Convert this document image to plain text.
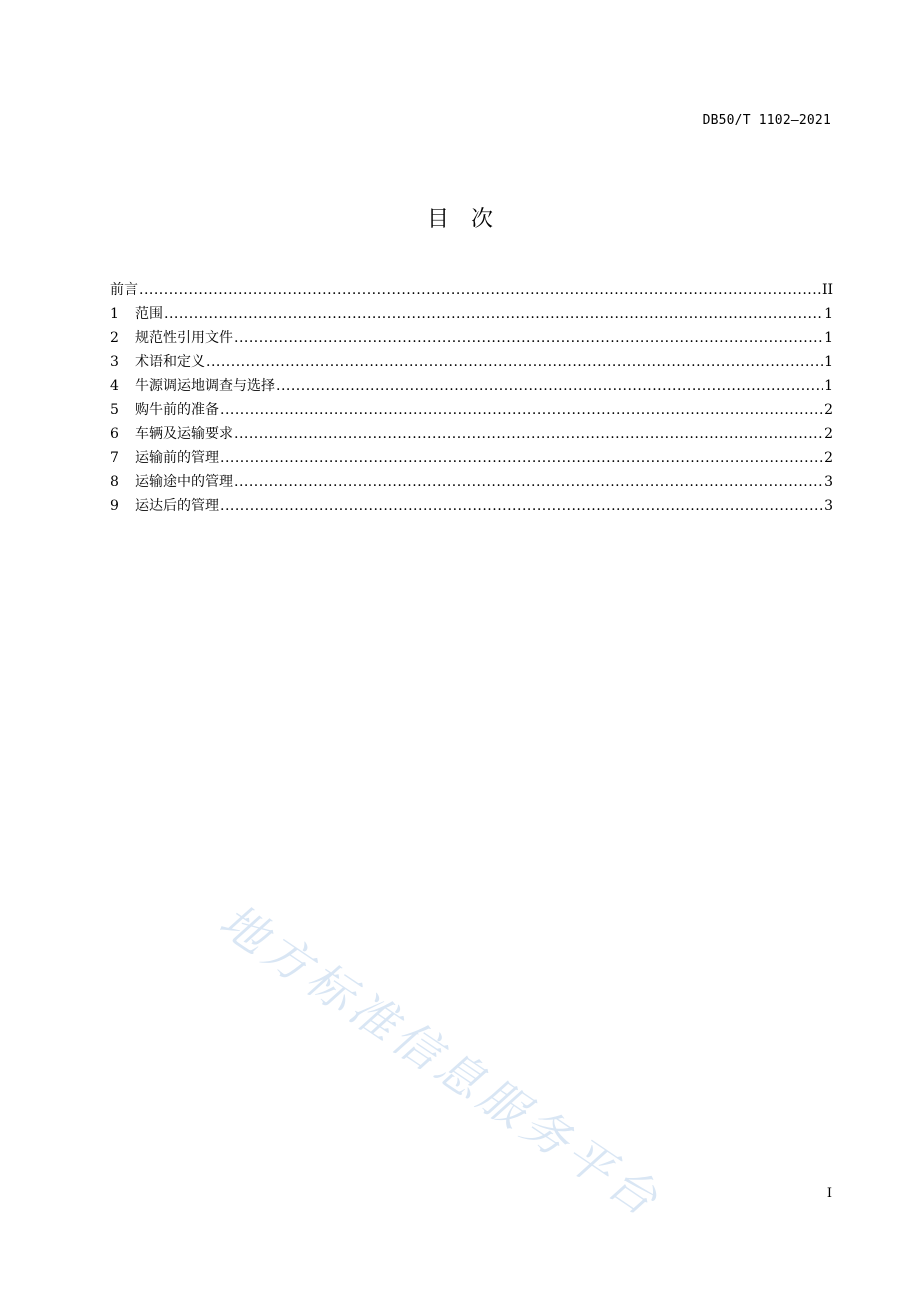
DB50/T 1102—2021
目次
前言 .....	II
1	范围 .....	1
2	规范性引用文件 .....	1
3	术语和定义 .....	1
4	牛源调运地调查与选择 .....	1
5	购牛前的准备 .....	2
6	车辆及运输要求 .....	2
7	运输前的管理 .....	2
8	运输途中的管理 .....	3
9	运达后的管理 .....	3
地方标准信息服务平台	I
